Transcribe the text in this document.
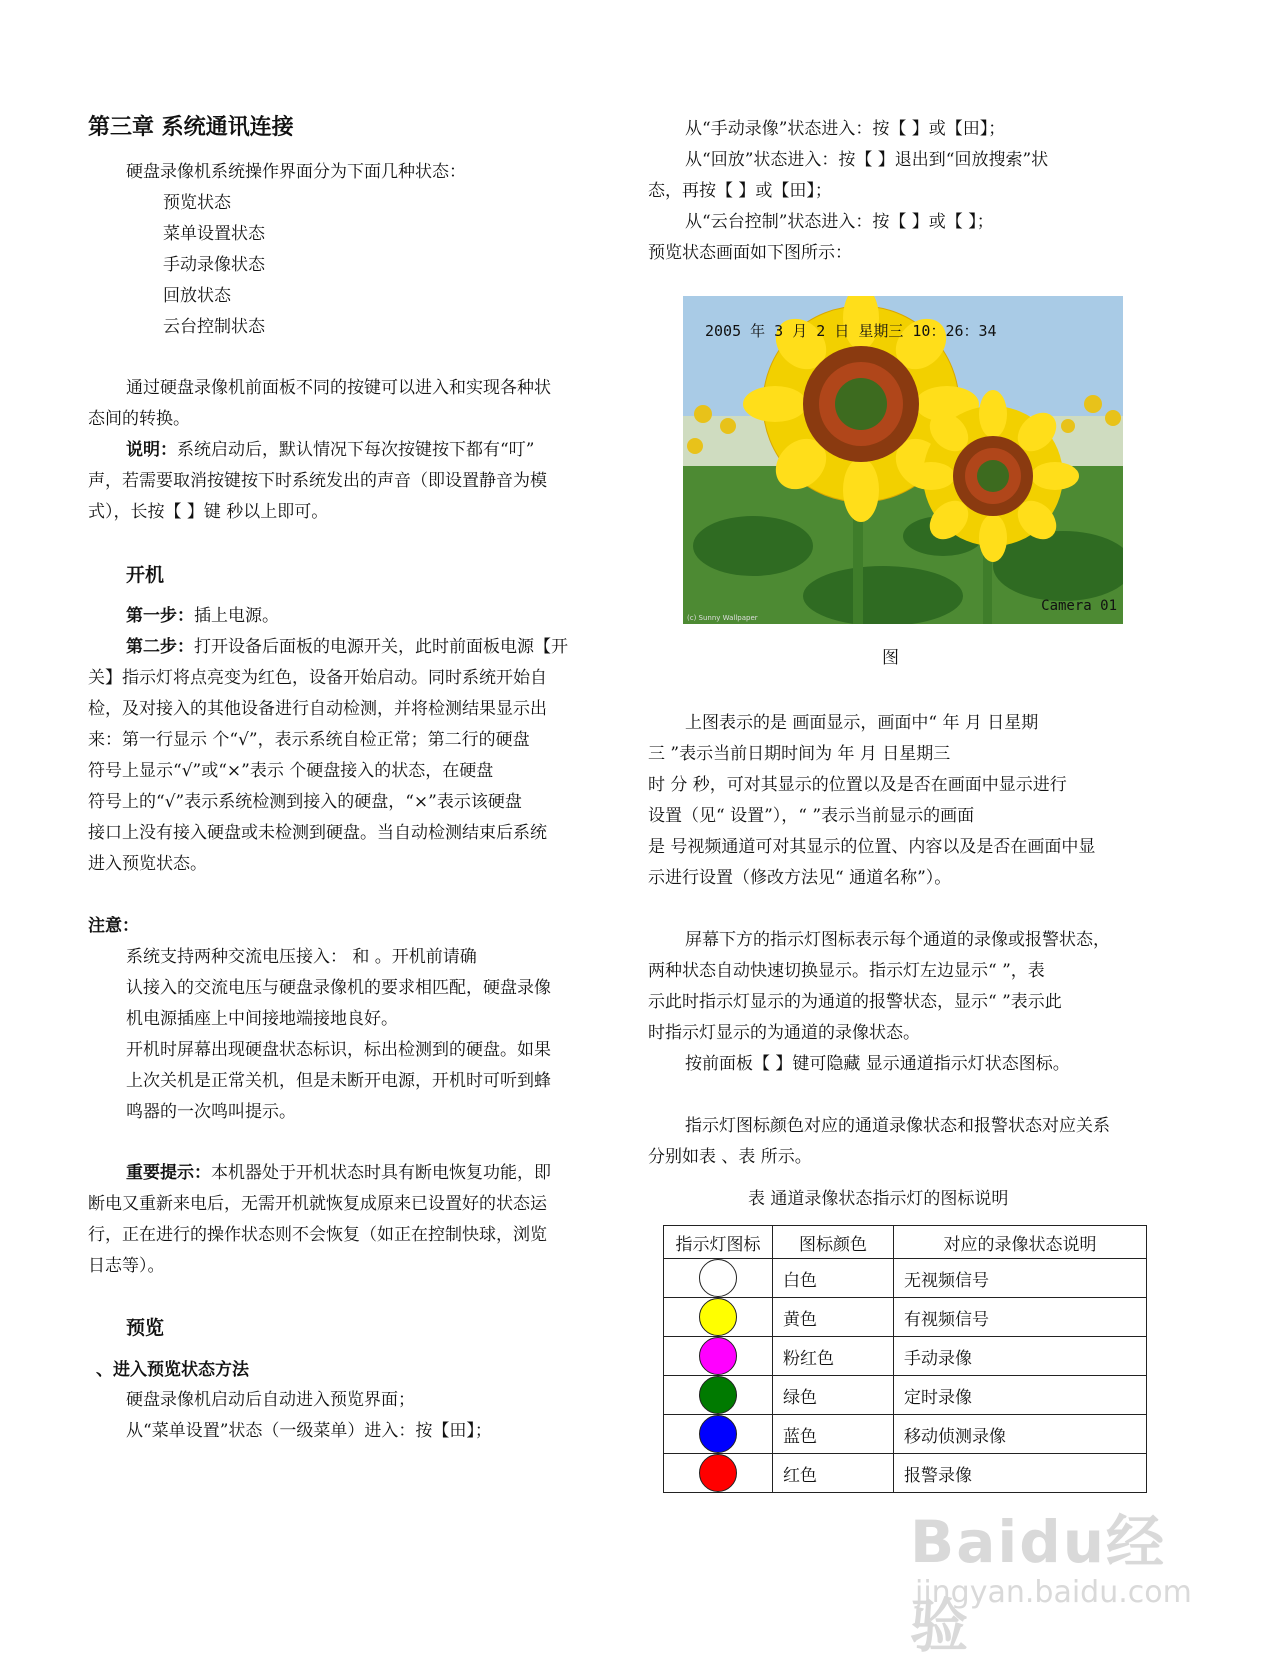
第三章 系统通讯连接
硬盘录像机系统操作界面分为下面几种状态：
预览状态
菜单设置状态
手动录像状态
回放状态
云台控制状态
通过硬盘录像机前面板不同的按键可以进入和实现各种状
态间的转换。
说明：系统启动后，默认情况下每次按键按下都有“叮”
声，若需要取消按键按下时系统发出的声音（即设置静音为模
式），长按【 】键 秒以上即可。
开机
第一步：插上电源。
第二步：打开设备后面板的电源开关，此时前面板电源【开
关】指示灯将点亮变为红色，设备开始启动。同时系统开始自
检，及对接入的其他设备进行自动检测，并将检测结果显示出
来：第一行显示 个“√”，表示系统自检正常；第二行的硬盘
符号上显示“√”或“×”表示 个硬盘接入的状态，在硬盘
符号上的“√”表示系统检测到接入的硬盘，“×”表示该硬盘
接口上没有接入硬盘或未检测到硬盘。当自动检测结束后系统
进入预览状态。
注意：
系统支持两种交流电压接入： 和 。开机前请确
认接入的交流电压与硬盘录像机的要求相匹配，硬盘录像
机电源插座上中间接地端接地良好。
开机时屏幕出现硬盘状态标识，标出检测到的硬盘。如果
上次关机是正常关机，但是未断开电源，开机时可听到蜂
鸣器的一次鸣叫提示。
重要提示：本机器处于开机状态时具有断电恢复功能，即
断电又重新来电后，无需开机就恢复成原来已设置好的状态运
行，正在进行的操作状态则不会恢复（如正在控制快球，浏览
日志等）。
预览
、进入预览状态方法
硬盘录像机启动后自动进入预览界面；
从“菜单设置”状态（一级菜单）进入：按【田】；
从“手动录像”状态进入：按【 】或【田】；
从“回放”状态进入：按【 】退出到“回放搜索”状
态，再按【 】或【田】；
从“云台控制”状态进入：按【 】或【 】；
预览状态画面如下图所示：
2005 年 3 月 2 日 星期三 10：26：34
Camera 01
(c) Sunny Wallpaper
图
上图表示的是 画面显示，画面中“ 年 月 日星期
三 ”表示当前日期时间为 年 月 日星期三
时 分 秒，可对其显示的位置以及是否在画面中显示进行
设置（见“ 设置”），“ ”表示当前显示的画面
是 号视频通道可对其显示的位置、内容以及是否在画面中显
示进行设置（修改方法见“ 通道名称”）。
屏幕下方的指示灯图标表示每个通道的录像或报警状态，
两种状态自动快速切换显示。指示灯左边显示“ ”，表
示此时指示灯显示的为通道的报警状态，显示“ ”表示此
时指示灯显示的为通道的录像状态。
按前面板【 】键可隐藏 显示通道指示灯状态图标。
指示灯图标颜色对应的通道录像状态和报警状态对应关系
分别如表 、表 所示。
表 通道录像状态指示灯的图标说明
指示灯图标	图标颜色	对应的录像状态说明
	白色	无视频信号
	黄色	有视频信号
	粉红色	手动录像
	绿色	定时录像
	蓝色	移动侦测录像
	红色	报警录像
Baidu经验
jingyan.baidu.com
